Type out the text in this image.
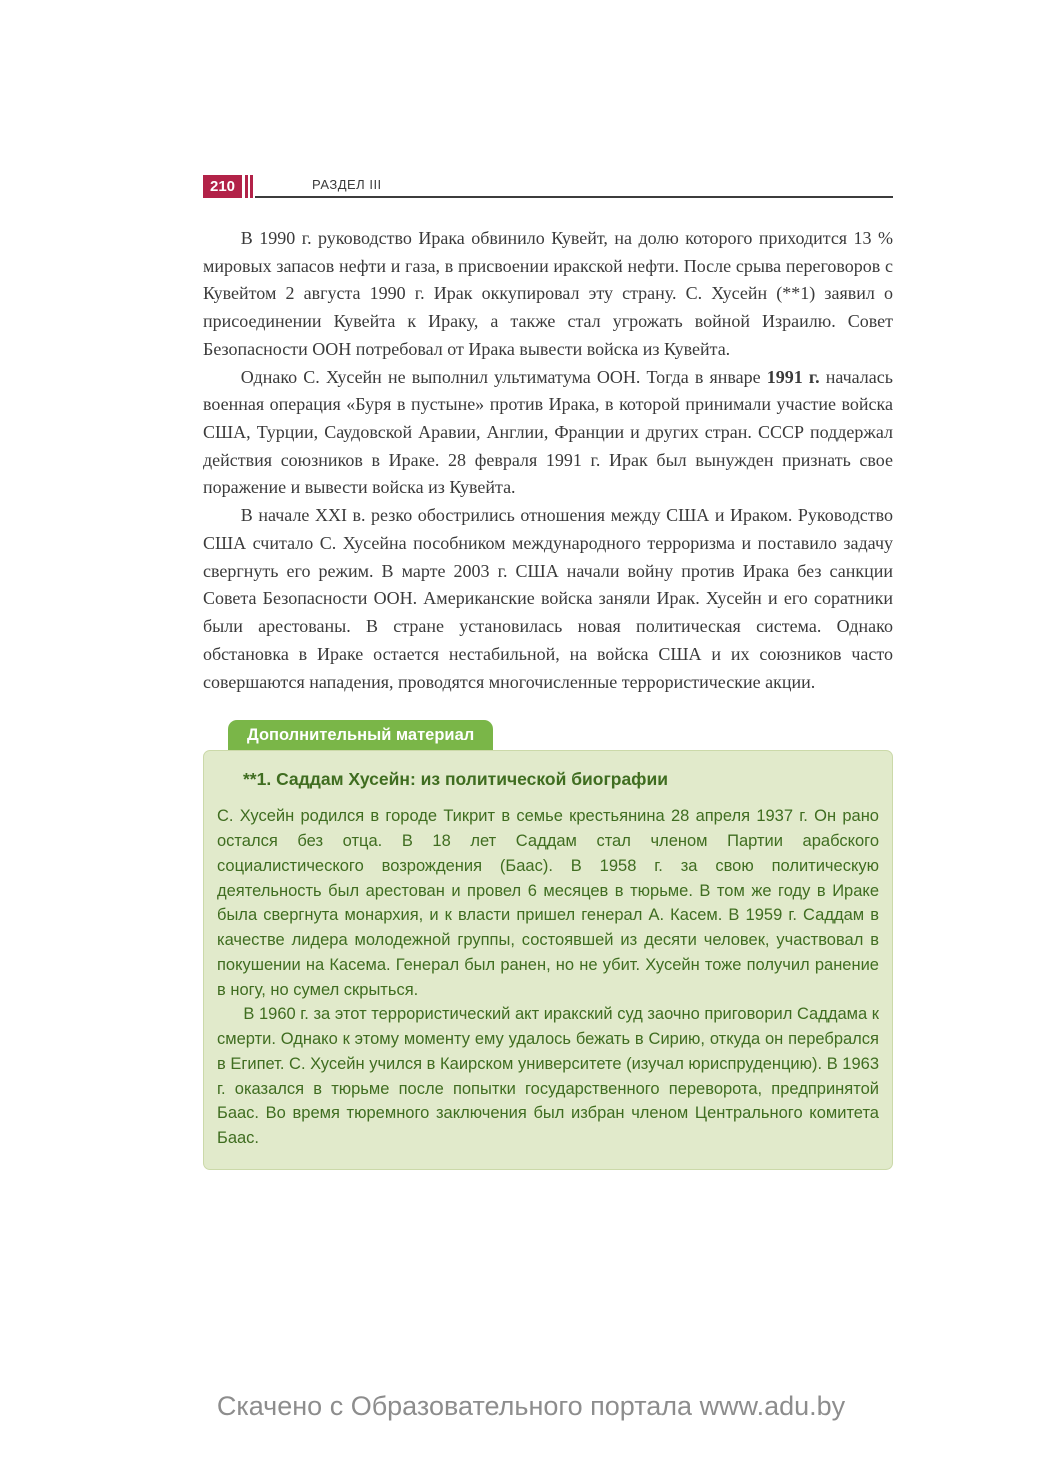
210	РАЗДЕЛ III

В 1990 г. руководство Ирака обвинило Кувейт, на долю которого приходится 13 % мировых запасов нефти и газа, в присвоении иракской нефти. После срыва переговоров с Кувейтом 2 августа 1990 г. Ирак оккупировал эту страну. С. Хусейн (**1) заявил о присоединении Кувейта к Ираку, а также стал угрожать войной Израилю. Совет Безопасности ООН потребовал от Ирака вывести войска из Кувейта.

Однако С. Хусейн не выполнил ультиматума ООН. Тогда в январе 1991 г. началась военная операция «Буря в пустыне» против Ирака, в которой принимали участие войска США, Турции, Саудовской Аравии, Англии, Франции и других стран. СССР поддержал действия союзников в Ираке. 28 февраля 1991 г. Ирак был вынужден признать свое поражение и вывести войска из Кувейта.

В начале XXI в. резко обострились отношения между США и Ираком. Руководство США считало С. Хусейна пособником международного терроризма и поставило задачу свергнуть его режим. В марте 2003 г. США начали войну против Ирака без санкции Совета Безопасности ООН. Американские войска заняли Ирак. Хусейн и его соратники были арестованы. В стране установилась новая политическая система. Однако обстановка в Ираке остается нестабильной, на войска США и их союзников часто совершаются нападения, проводятся многочисленные террористические акции.

Дополнительный материал
**1. Саддам Хусейн: из политической биографии

С. Хусейн родился в городе Тикрит в семье крестьянина 28 апреля 1937 г. Он рано остался без отца. В 18 лет Саддам стал членом Партии арабского социалистического возрождения (Баас). В 1958 г. за свою политическую деятельность был арестован и провел 6 месяцев в тюрьме. В том же году в Ираке была свергнута монархия, и к власти пришел генерал А. Касем. В 1959 г. Саддам в качестве лидера молодежной группы, состоявшей из десяти человек, участвовал в покушении на Касема. Генерал был ранен, но не убит. Хусейн тоже получил ранение в ногу, но сумел скрыться.

В 1960 г. за этот террористический акт иракский суд заочно приговорил Саддама к смерти. Однако к этому моменту ему удалось бежать в Сирию, откуда он перебрался в Египет. С. Хусейн учился в Каирском университете (изучал юриспруденцию). В 1963 г. оказался в тюрьме после попытки государственного переворота, предпринятой Баас. Во время тюремного заключения был избран членом Центрального комитета Баас.

Скачено с Образовательного портала www.adu.by
